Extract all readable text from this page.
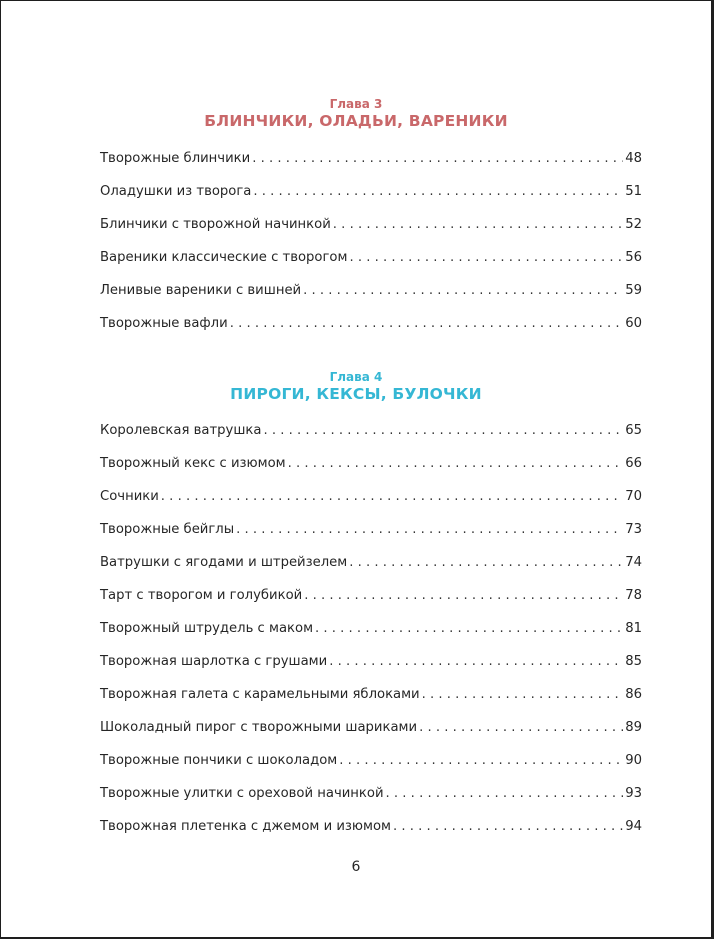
Глава 3
БЛИНЧИКИ, ОЛАДЬИ, ВАРЕНИКИ
Творожные блинчики . . .	48
Оладушки из творога . . .	51
Блинчики с творожной начинкой . . .	52
Вареники классические с творогом . . .	56
Ленивые вареники с вишней . . .	59
Творожные вафли . . .	60
Глава 4
ПИРОГИ, КЕКСЫ, БУЛОЧКИ
Королевская ватрушка . . .	65
Творожный кекс с изюмом . . .	66
Сочники . . .	70
Творожные бейглы . . .	73
Ватрушки с ягодами и штрейзелем . . .	74
Тарт с творогом и голубикой . . .	78
Творожный штрудель с маком . . .	81
Творожная шарлотка с грушами . . .	85
Творожная галета с карамельными яблоками . . .	86
Шоколадный пирог с творожными шариками . . .	89
Творожные пончики с шоколадом . . .	90
Творожные улитки с ореховой начинкой . . .	93
Творожная плетенка с джемом и изюмом . . .	94
6
